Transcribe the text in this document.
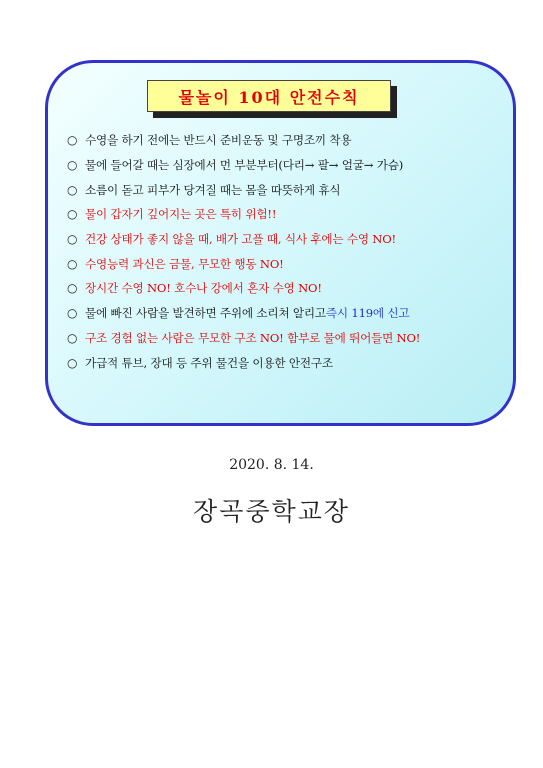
물놀이 10대 안전수칙
○ 수영을 하기 전에는 반드시 준비운동 및 구명조끼 착용
○ 물에 들어갈 때는 심장에서 먼 부분부터(다리→ 팔→ 얼굴→ 가슴)
○ 소름이 돋고 피부가 당겨질 때는 몸을 따뜻하게 휴식
○ 물이 갑자기 깊어지는 곳은 특히 위험!!
○ 건강 상태가 좋지 않을 때, 배가 고플 때, 식사 후에는 수영 NO!
○ 수영능력 과신은 금물, 무모한 행동 NO!
○ 장시간 수영 NO! 호수나 강에서 혼자 수영 NO!
○ 물에 빠진 사람을 발견하면 주위에 소리쳐 알리고 즉시 119에 신고
○ 구조 경험 없는 사람은 무모한 구조 NO! 함부로 물에 뛰어들면 NO!
○ 가급적 튜브, 장대 등 주위 물건을 이용한 안전구조
2020. 8. 14.
장곡중학교장
